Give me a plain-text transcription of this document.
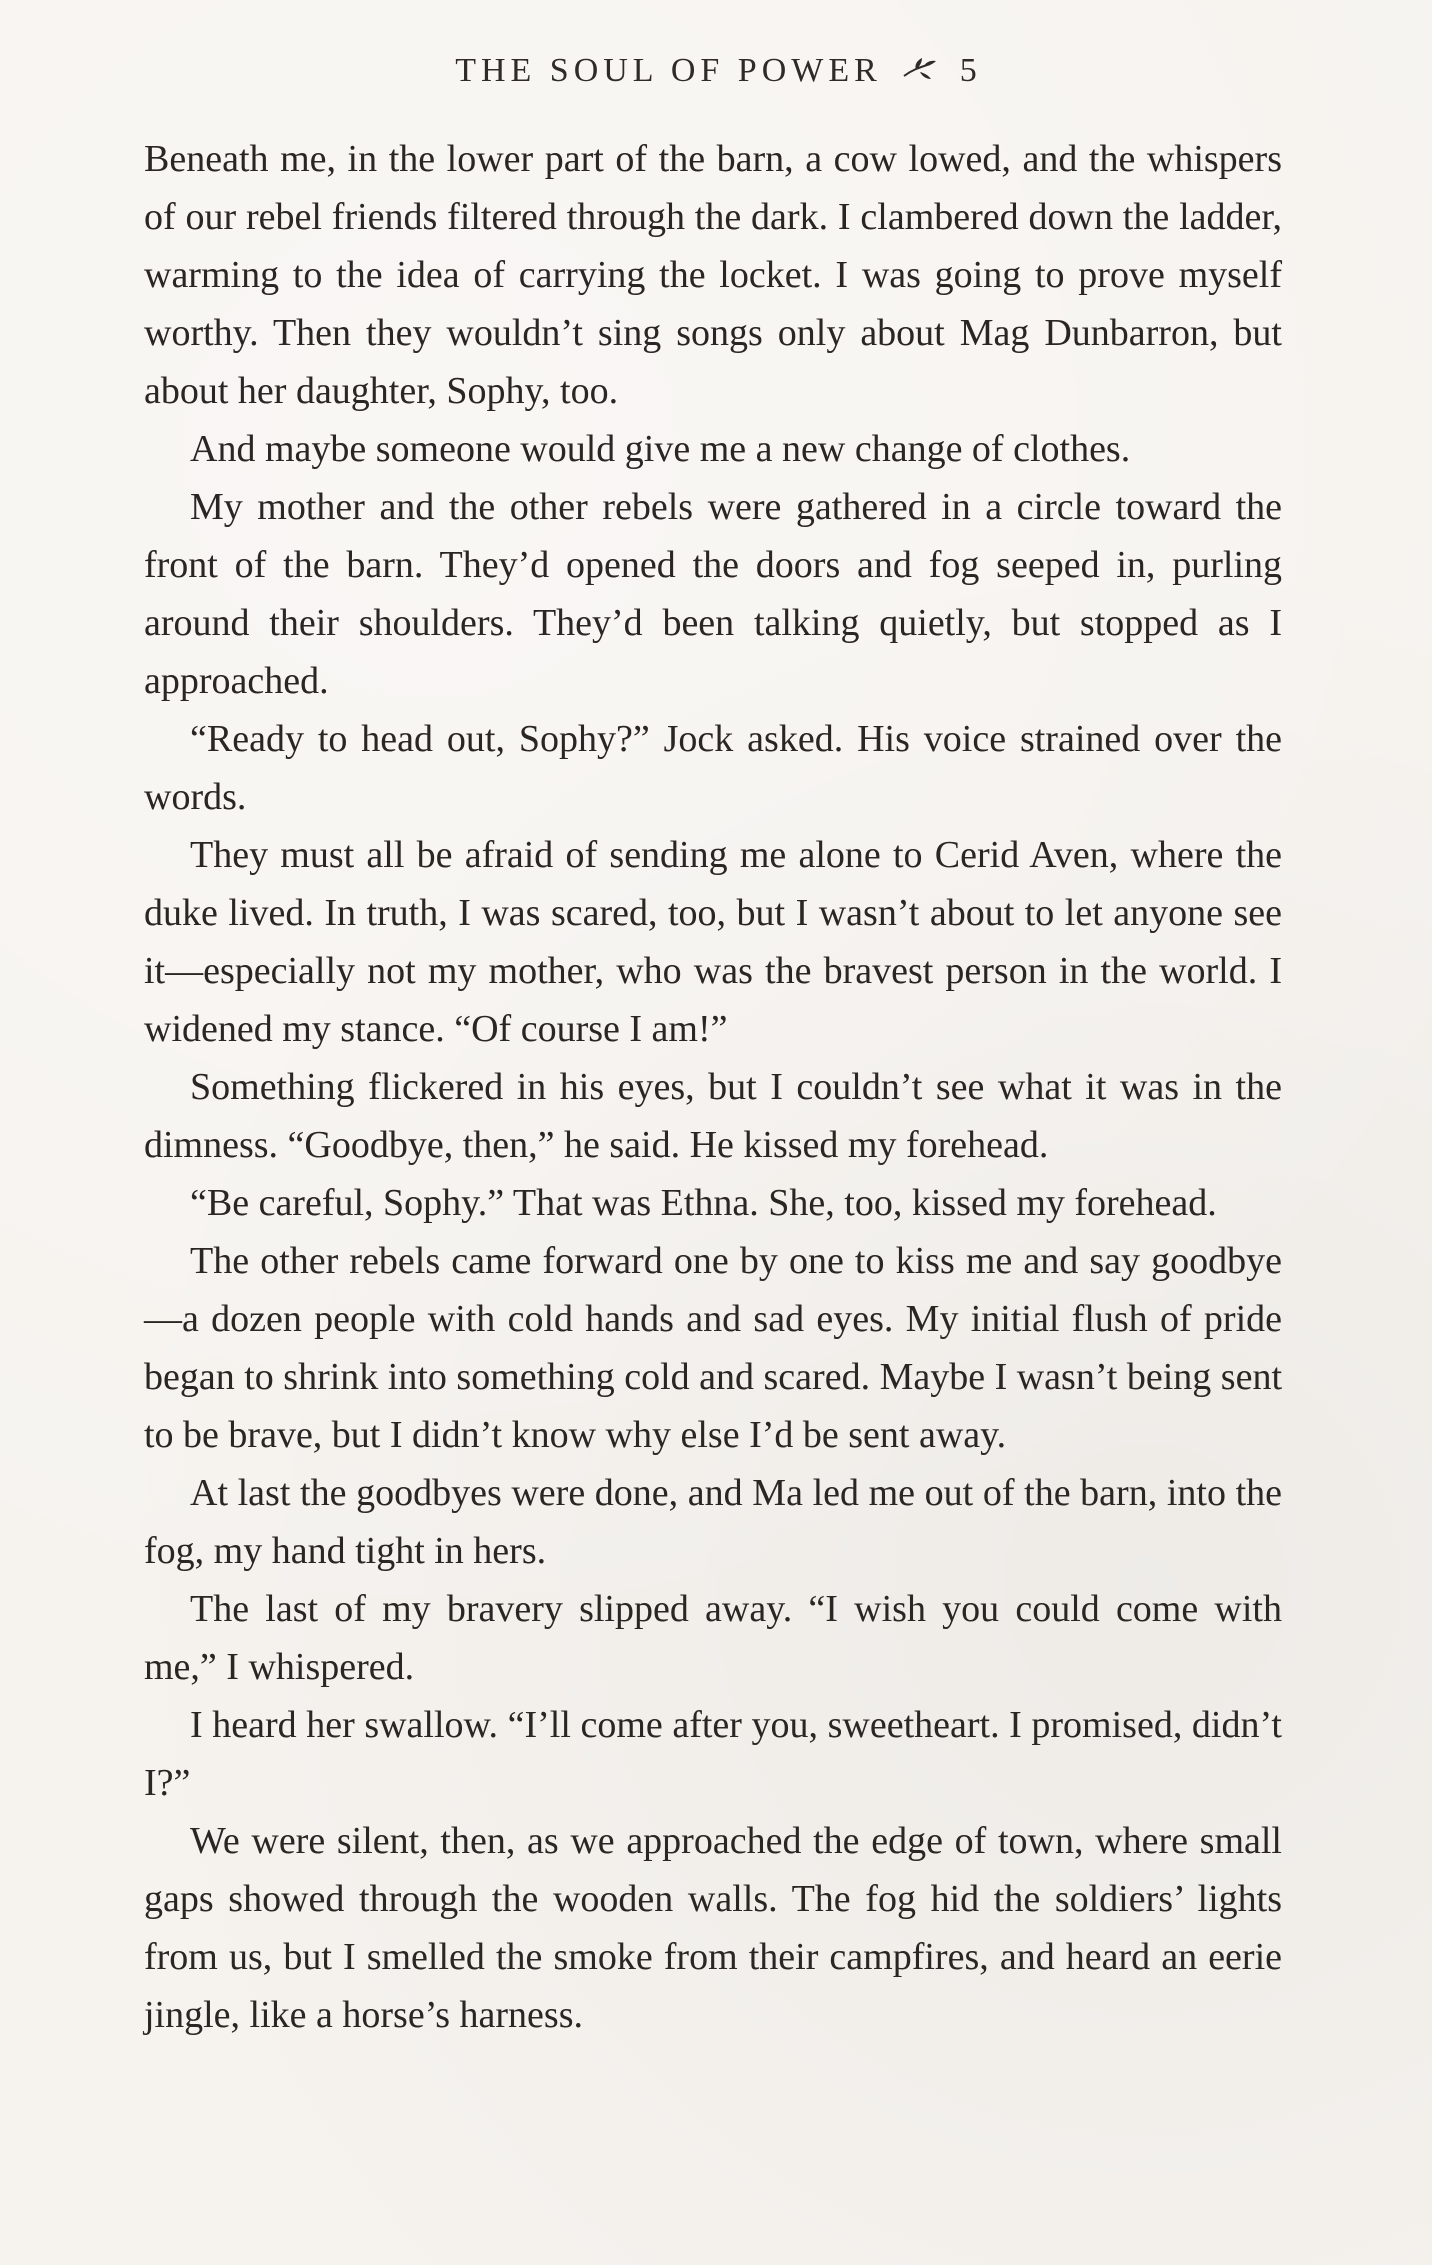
THE SOUL OF POWER 5

Beneath me, in the lower part of the barn, a cow lowed, and the whispers of our rebel friends filtered through the dark. I clambered down the ladder, warming to the idea of carrying the locket. I was going to prove myself worthy. Then they wouldn’t sing songs only about Mag Dunbarron, but about her daughter, Sophy, too.

And maybe someone would give me a new change of clothes.

My mother and the other rebels were gathered in a circle toward the front of the barn. They’d opened the doors and fog seeped in, purling around their shoulders. They’d been talking quietly, but stopped as I approached.

“Ready to head out, Sophy?” Jock asked. His voice strained over the words.

They must all be afraid of sending me alone to Cerid Aven, where the duke lived. In truth, I was scared, too, but I wasn’t about to let anyone see it—especially not my mother, who was the bravest person in the world. I widened my stance. “Of course I am!”

Something flickered in his eyes, but I couldn’t see what it was in the dimness. “Goodbye, then,” he said. He kissed my forehead.

“Be careful, Sophy.” That was Ethna. She, too, kissed my forehead.

The other rebels came forward one by one to kiss me and say goodbye—a dozen people with cold hands and sad eyes. My initial flush of pride began to shrink into something cold and scared. Maybe I wasn’t being sent to be brave, but I didn’t know why else I’d be sent away.

At last the goodbyes were done, and Ma led me out of the barn, into the fog, my hand tight in hers.

The last of my bravery slipped away. “I wish you could come with me,” I whispered.

I heard her swallow. “I’ll come after you, sweetheart. I promised, didn’t I?”

We were silent, then, as we approached the edge of town, where small gaps showed through the wooden walls. The fog hid the soldiers’ lights from us, but I smelled the smoke from their campfires, and heard an eerie jingle, like a horse’s harness.
